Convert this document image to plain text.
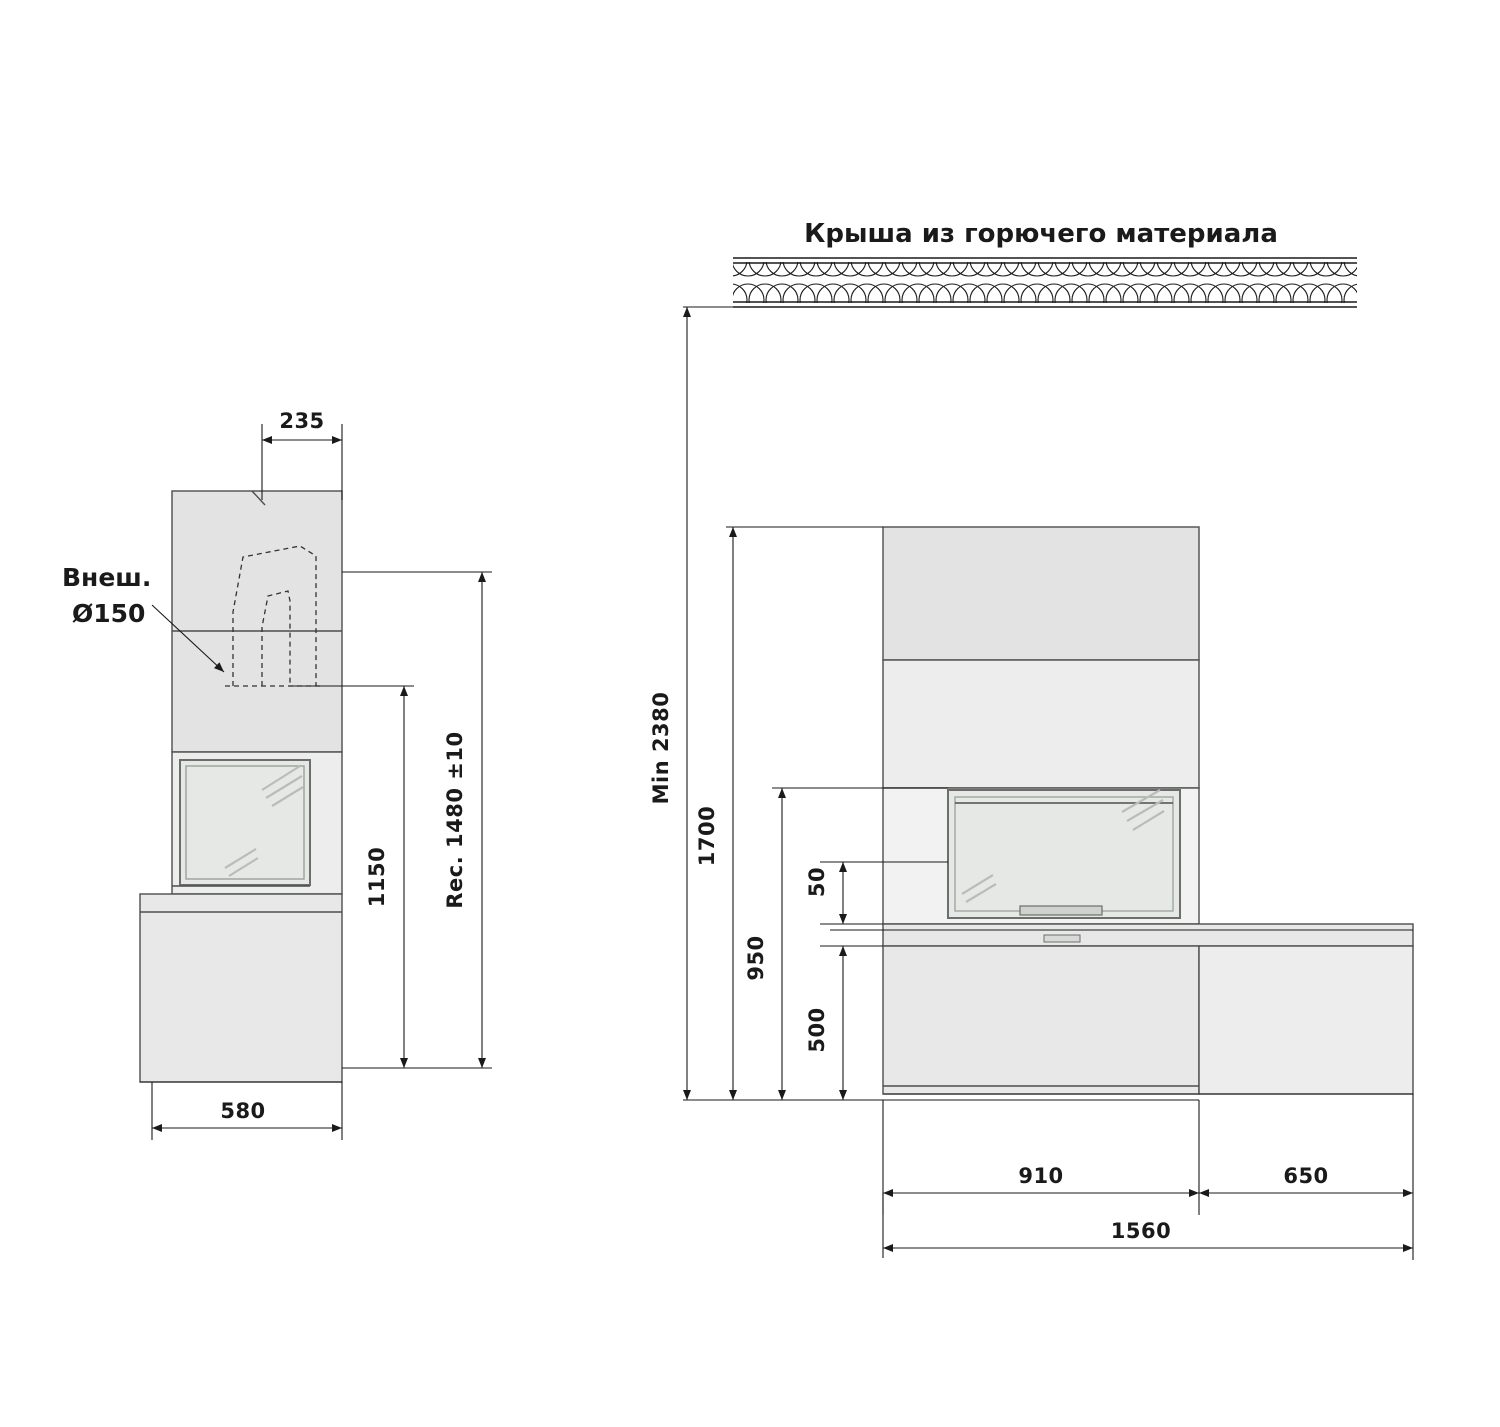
235
Внеш.
Ø150
1150	Rec. 1480 ±10
580
Min 2380
1700
950
50
500
910	650
1560
Крыша из горючего материала
